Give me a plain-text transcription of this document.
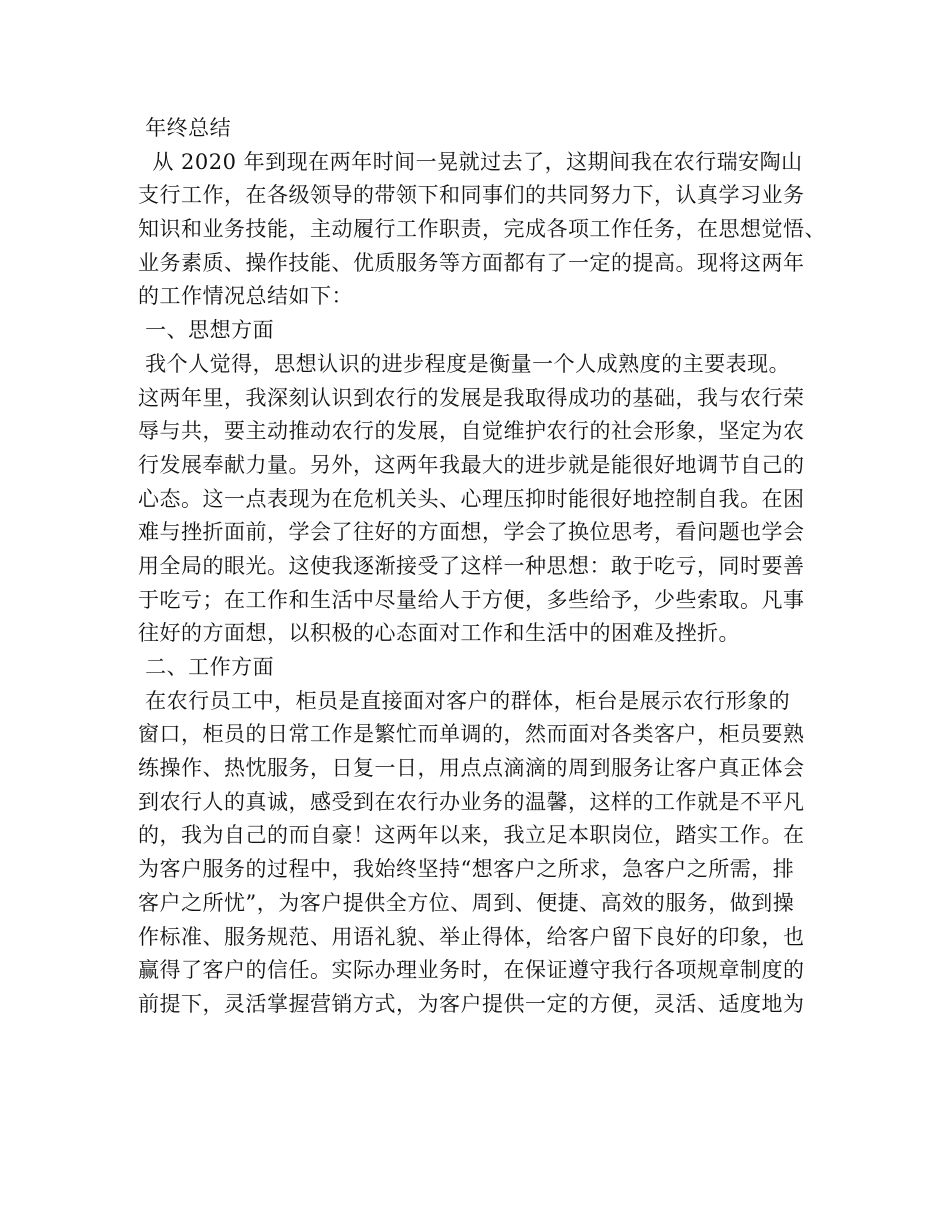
年终总结

从 2020 年到现在两年时间一晃就过去了，这期间我在农行瑞安陶山

支行工作，在各级领导的带领下和同事们的共同努力下，认真学习业务

知识和业务技能，主动履行工作职责，完成各项工作任务，在思想觉悟、

业务素质、操作技能、优质服务等方面都有了一定的提高。现将这两年

的工作情况总结如下：

一、思想方面

我个人觉得，思想认识的进步程度是衡量一个人成熟度的主要表现。

这两年里，我深刻认识到农行的发展是我取得成功的基础，我与农行荣

辱与共，要主动推动农行的发展，自觉维护农行的社会形象，坚定为农

行发展奉献力量。另外，这两年我最大的进步就是能很好地调节自己的

心态。这一点表现为在危机关头、心理压抑时能很好地控制自我。在困

难与挫折面前，学会了往好的方面想，学会了换位思考，看问题也学会

用全局的眼光。这使我逐渐接受了这样一种思想：敢于吃亏，同时要善

于吃亏；在工作和生活中尽量给人于方便，多些给予，少些索取。凡事

往好的方面想，以积极的心态面对工作和生活中的困难及挫折。

二、工作方面

在农行员工中，柜员是直接面对客户的群体，柜台是展示农行形象的

窗口，柜员的日常工作是繁忙而单调的，然而面对各类客户，柜员要熟

练操作、热忱服务，日复一日，用点点滴滴的周到服务让客户真正体会

到农行人的真诚，感受到在农行办业务的温馨，这样的工作就是不平凡

的，我为自己的而自豪！这两年以来，我立足本职岗位，踏实工作。在

为客户服务的过程中，我始终坚持“想客户之所求，急客户之所需，排

客户之所忧”，为客户提供全方位、周到、便捷、高效的服务，做到操

作标准、服务规范、用语礼貌、举止得体，给客户留下良好的印象，也

赢得了客户的信任。实际办理业务时，在保证遵守我行各项规章制度的

前提下，灵活掌握营销方式，为客户提供一定的方便，灵活、适度地为
